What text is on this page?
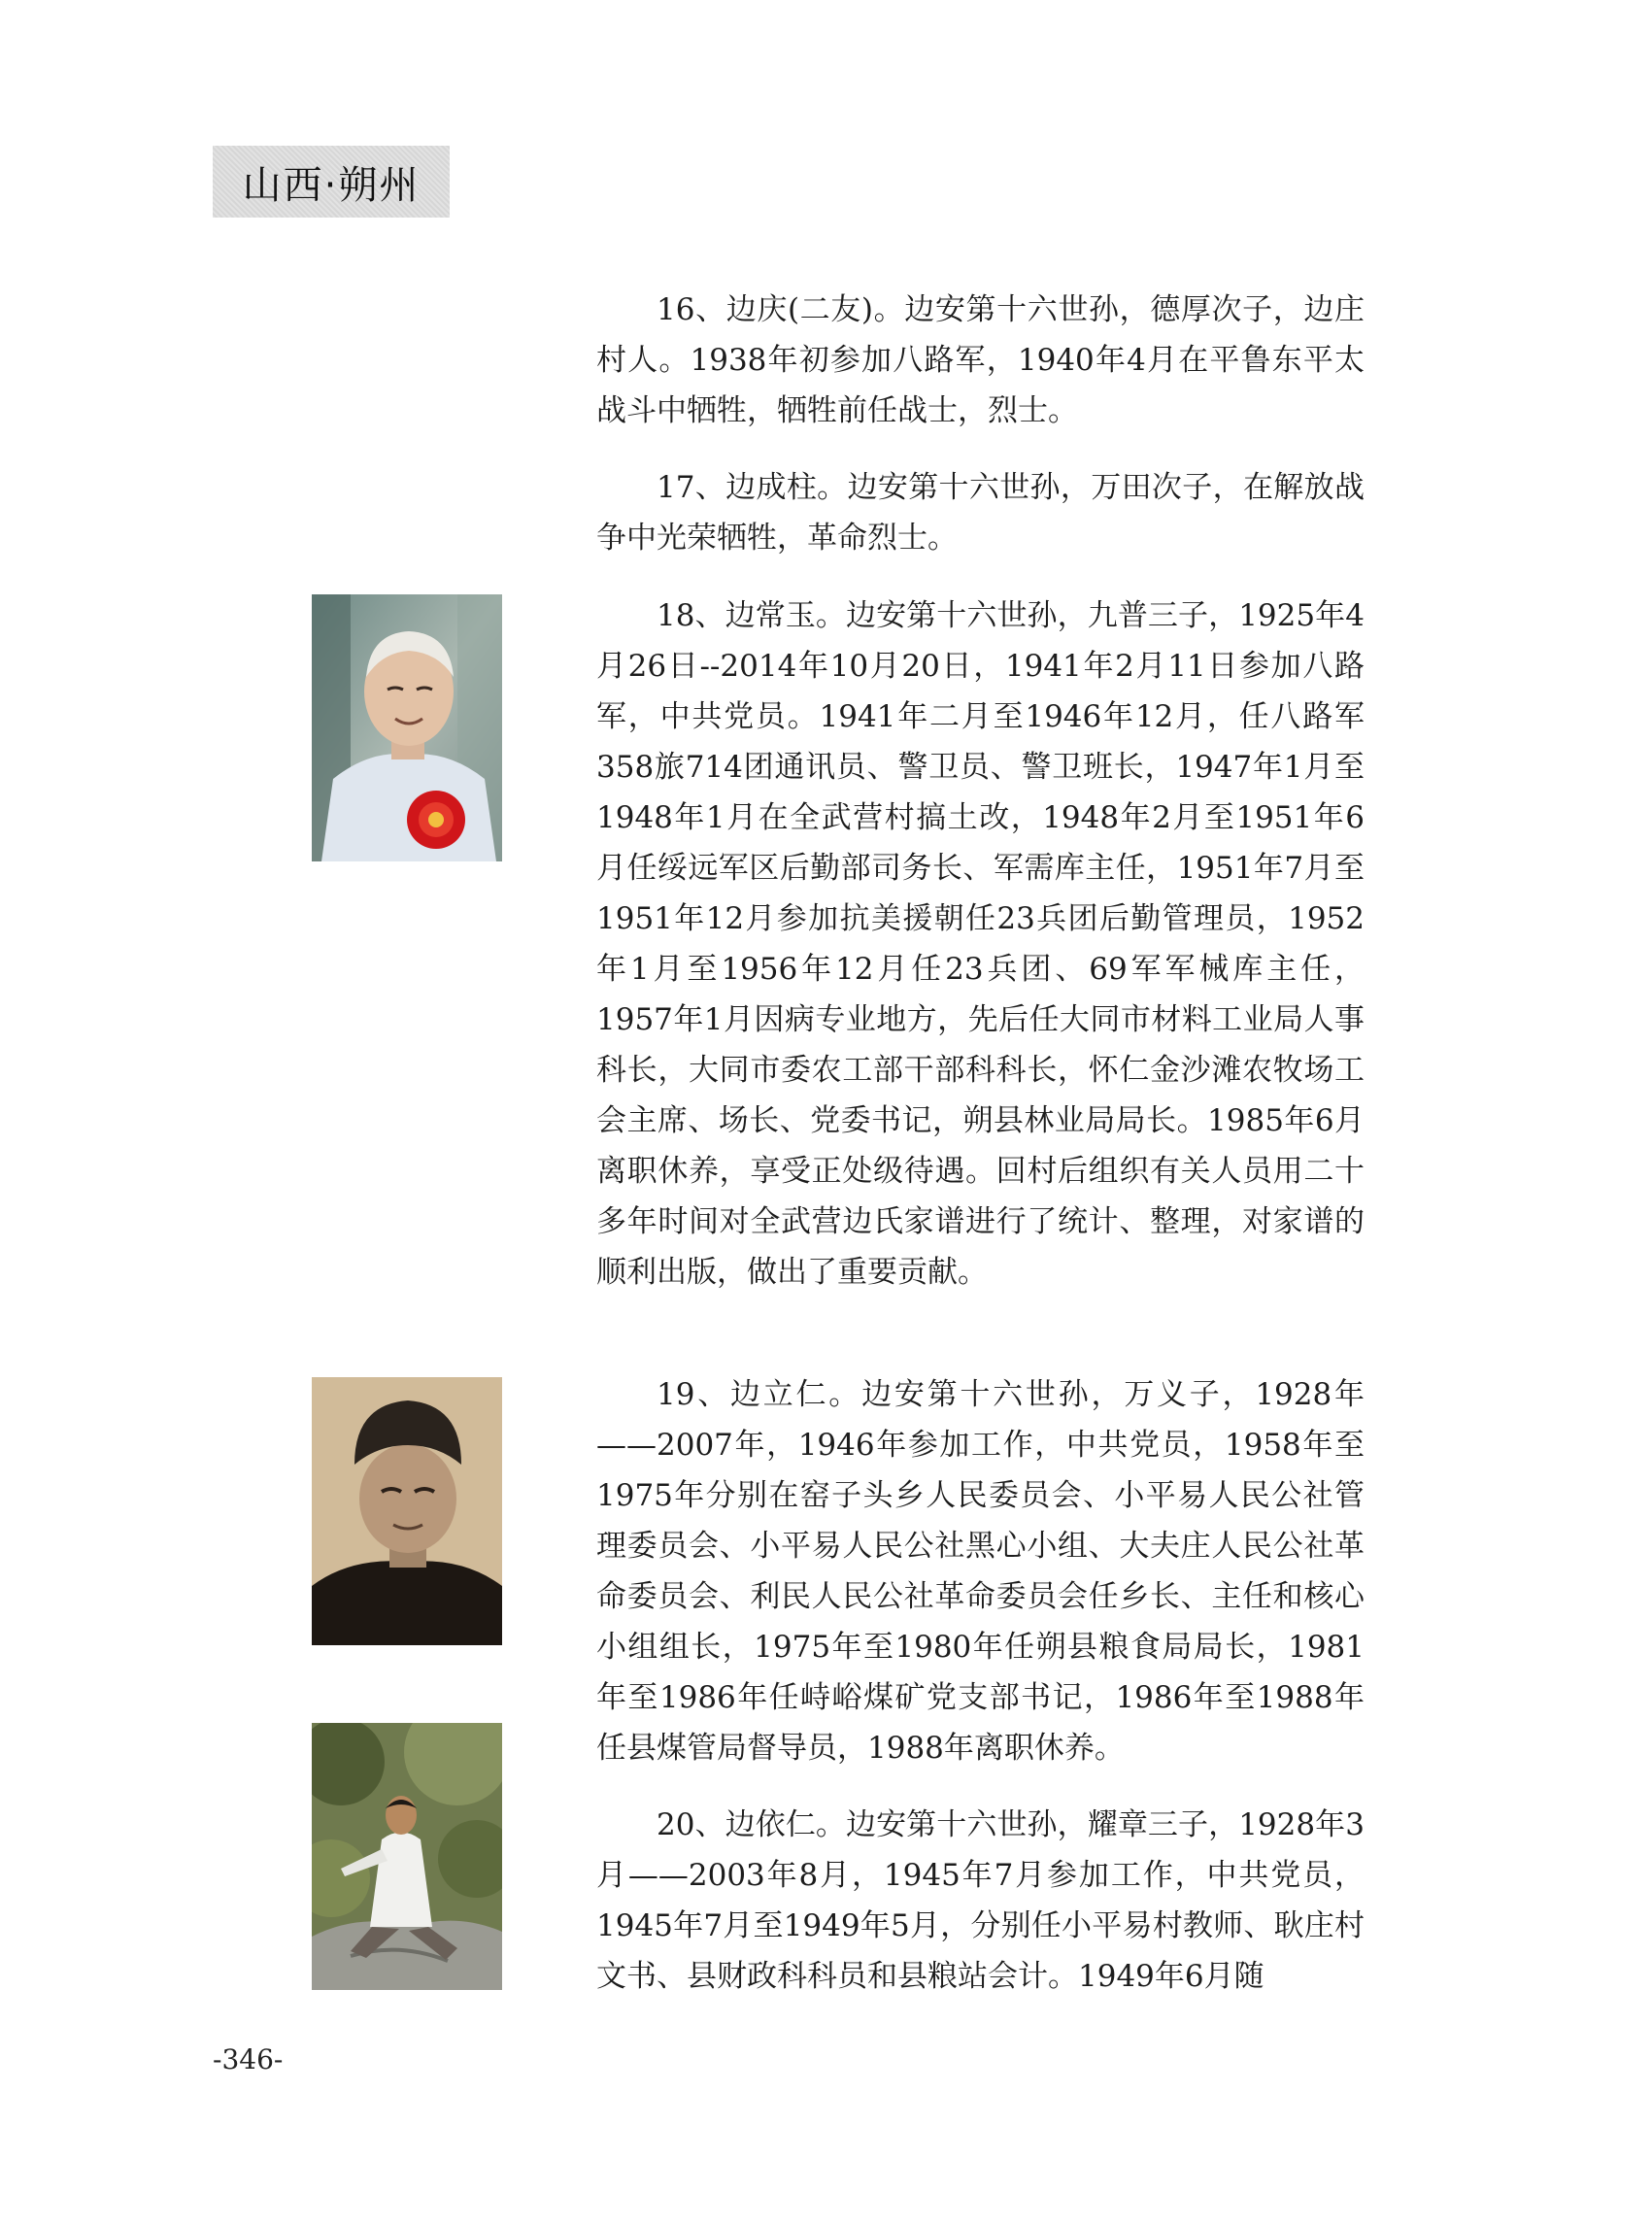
山西·朔州

16、边庆(二友)。边安第十六世孙，德厚次子，边庄村人。1938年初参加八路军，1940年4月在平鲁东平太战斗中牺牲，牺牲前任战士，烈士。

17、边成柱。边安第十六世孙，万田次子，在解放战争中光荣牺牲，革命烈士。

18、边常玉。边安第十六世孙，九普三子，1925年4月26日--2014年10月20日，1941年2月11日参加八路军，中共党员。1941年二月至1946年12月，任八路军358旅714团通讯员、警卫员、警卫班长，1947年1月至1948年1月在全武营村搞土改，1948年2月至1951年6月任绥远军区后勤部司务长、军需库主任，1951年7月至1951年12月参加抗美援朝任23兵团后勤管理员，1952年1月至1956年12月任23兵团、69军军械库主任，1957年1月因病专业地方，先后任大同市材料工业局人事科长，大同市委农工部干部科科长，怀仁金沙滩农牧场工会主席、场长、党委书记，朔县林业局局长。1985年6月离职休养，享受正处级待遇。回村后组织有关人员用二十多年时间对全武营边氏家谱进行了统计、整理，对家谱的顺利出版，做出了重要贡献。

19、边立仁。边安第十六世孙，万义子，1928年——2007年，1946年参加工作，中共党员，1958年至1975年分别在窑子头乡人民委员会、小平易人民公社管理委员会、小平易人民公社黑心小组、大夫庄人民公社革命委员会、利民人民公社革命委员会任乡长、主任和核心小组组长，1975年至1980年任朔县粮食局局长，1981年至1986年任峙峪煤矿党支部书记，1986年至1988年任县煤管局督导员，1988年离职休养。

20、边依仁。边安第十六世孙，耀章三子，1928年3月——2003年8月，1945年7月参加工作，中共党员，1945年7月至1949年5月，分别任小平易村教师、耿庄村文书、县财政科科员和县粮站会计。1949年6月随

-346-
